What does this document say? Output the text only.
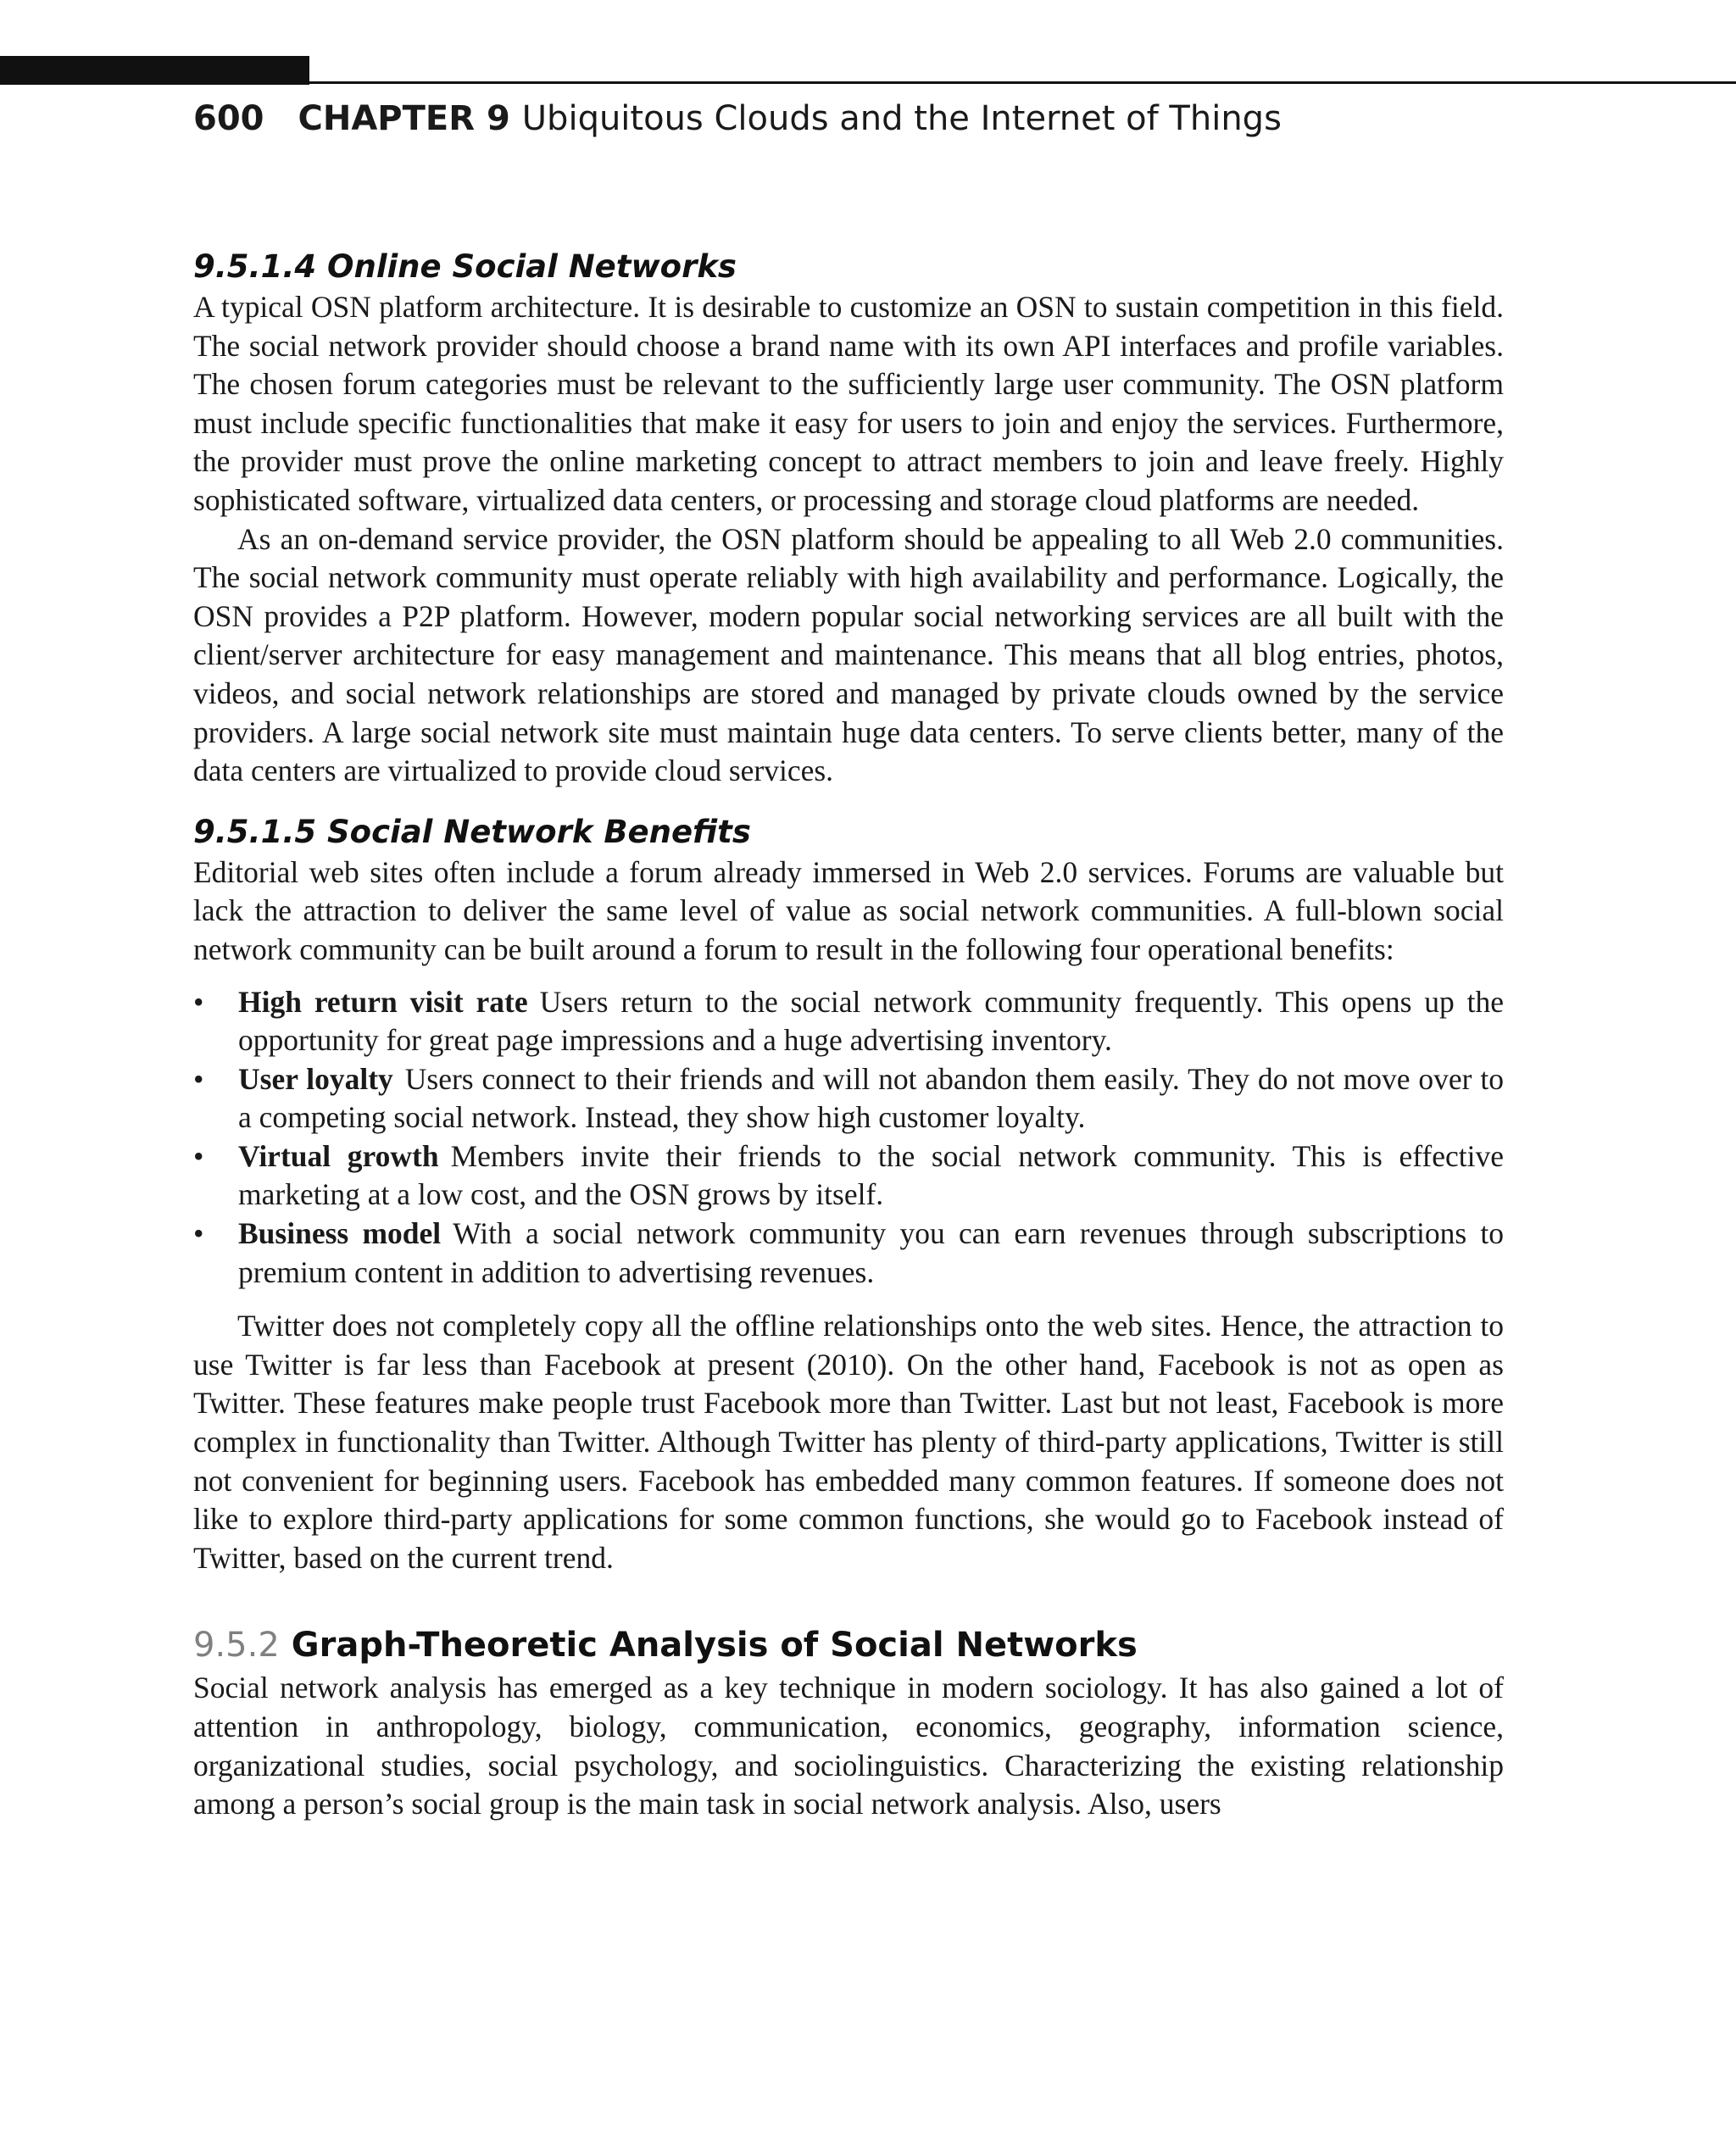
600 CHAPTER 9 Ubiquitous Clouds and the Internet of Things
9.5.1.4 Online Social Networks

A typical OSN platform architecture. It is desirable to customize an OSN to sustain competition in this field. The social network provider should choose a brand name with its own API interfaces and profile variables. The chosen forum categories must be relevant to the sufficiently large user community. The OSN platform must include specific functionalities that make it easy for users to join and enjoy the services. Furthermore, the provider must prove the online marketing concept to attract members to join and leave freely. Highly sophisticated software, virtualized data centers, or processing and storage cloud platforms are needed.

As an on-demand service provider, the OSN platform should be appealing to all Web 2.0 communities. The social network community must operate reliably with high availability and performance. Logically, the OSN provides a P2P platform. However, modern popular social networking services are all built with the client/server architecture for easy management and maintenance. This means that all blog entries, photos, videos, and social network relationships are stored and managed by private clouds owned by the service providers. A large social network site must maintain huge data centers. To serve clients better, many of the data centers are virtualized to provide cloud services.

9.5.1.5 Social Network Benefits

Editorial web sites often include a forum already immersed in Web 2.0 services. Forums are valuable but lack the attraction to deliver the same level of value as social network communities. A full-blown social network community can be built around a forum to result in the following four operational benefits:

• High return visit rate Users return to the social network community frequently. This opens up the opportunity for great page impressions and a huge advertising inventory.
• User loyalty Users connect to their friends and will not abandon them easily. They do not move over to a competing social network. Instead, they show high customer loyalty.
• Virtual growth Members invite their friends to the social network community. This is effective marketing at a low cost, and the OSN grows by itself.
• Business model With a social network community you can earn revenues through subscriptions to premium content in addition to advertising revenues.

Twitter does not completely copy all the offline relationships onto the web sites. Hence, the attraction to use Twitter is far less than Facebook at present (2010). On the other hand, Facebook is not as open as Twitter. These features make people trust Facebook more than Twitter. Last but not least, Facebook is more complex in functionality than Twitter. Although Twitter has plenty of third-party applications, Twitter is still not convenient for beginning users. Facebook has embedded many common features. If someone does not like to explore third-party applications for some common functions, she would go to Facebook instead of Twitter, based on the current trend.

9.5.2 Graph-Theoretic Analysis of Social Networks

Social network analysis has emerged as a key technique in modern sociology. It has also gained a lot of attention in anthropology, biology, communication, economics, geography, information science, organizational studies, social psychology, and sociolinguistics. Characterizing the existing relationship among a person’s social group is the main task in social network analysis. Also, users
